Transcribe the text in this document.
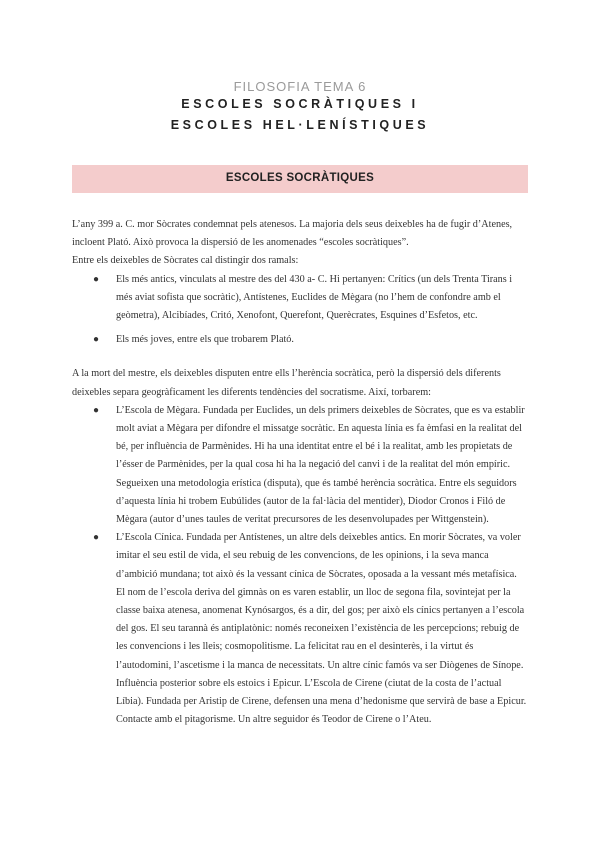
FILOSOFIA TEMA 6
ESCOLES SOCRÀTIQUES I
ESCOLES HEL·LENÍSTIQUES
ESCOLES SOCRÀTIQUES

L’any 399 a. C. mor Sòcrates condemnat pels atenesos. La majoria dels seus deixebles ha de fugir d’Atenes, incloent Plató. Això provoca la dispersió de les anomenades “escoles socràtiques”.

Entre els deixebles de Sòcrates cal distingir dos ramals:

● Els més antics, vinculats al mestre des del 430 a- C. Hi pertanyen: Crítics (un dels Trenta Tirans i més aviat sofista que socràtic), Antístenes, Euclides de Mègara (no l’hem de confondre amb el geòmetra), Alcibíades, Critó, Xenofont, Querefont, Querècrates, Esquines d’Esfetos, etc.
● Els més joves, entre els que trobarem Plató.

A la mort del mestre, els deixebles disputen entre ells l’herència socràtica, però la dispersió dels diferents deixebles separa geogràficament les diferents tendències del socratisme. Així, torbarem:

● L’Escola de Mègara. Fundada per Euclides, un dels primers deixebles de Sòcrates, que es va establir molt aviat a Mègara per difondre el missatge socràtic. En aquesta línia es fa èmfasi en la realitat del bé, per influència de Parmènides. Hi ha una identitat entre el bé i la realitat, amb les propietats de l’ésser de Parmènides, per la qual cosa hi ha la negació del canvi i de la realitat del món empíric. Segueixen una metodologia erística (disputa), que és també herència socràtica. Entre els seguidors d’aquesta línia hi trobem Eubúlides (autor de la fal·làcia del mentider), Diodor Cronos i Filó de Mègara (autor d’unes taules de veritat precursores de les desenvolupades per Wittgenstein).
● L’Escola Cínica. Fundada per Antístenes, un altre dels deixebles antics. En morir Sòcrates, va voler imitar el seu estil de vida, el seu rebuig de les convencions, de les opinions, i la seva manca d’ambició mundana; tot això és la vessant cínica de Sòcrates, oposada a la vessant més metafísica. El nom de l’escola deriva del gimnàs on es varen establir, un lloc de segona fila, sovintejat per la classe baixa atenesa, anomenat Kynósargos, és a dir, del gos; per això els cínics pertanyen a l’escola del gos. El seu tarannà és antiplatònic: només reconeixen l’existència de les percepcions; rebuig de les convencions i les lleis; cosmopolitisme. La felicitat rau en el desinterès, i la virtut és l’autodomini, l’ascetisme i la manca de necessitats. Un altre cínic famós va ser Diògenes de Sínope. Influència posterior sobre els estoics i Epicur. L’Escola de Cirene (ciutat de la costa de l’actual Líbia). Fundada per Aristip de Cirene, defensen una mena d’hedonisme que servirà de base a Epicur. Contacte amb el pitagorisme. Un altre seguidor és Teodor de Cirene o l’Ateu.
